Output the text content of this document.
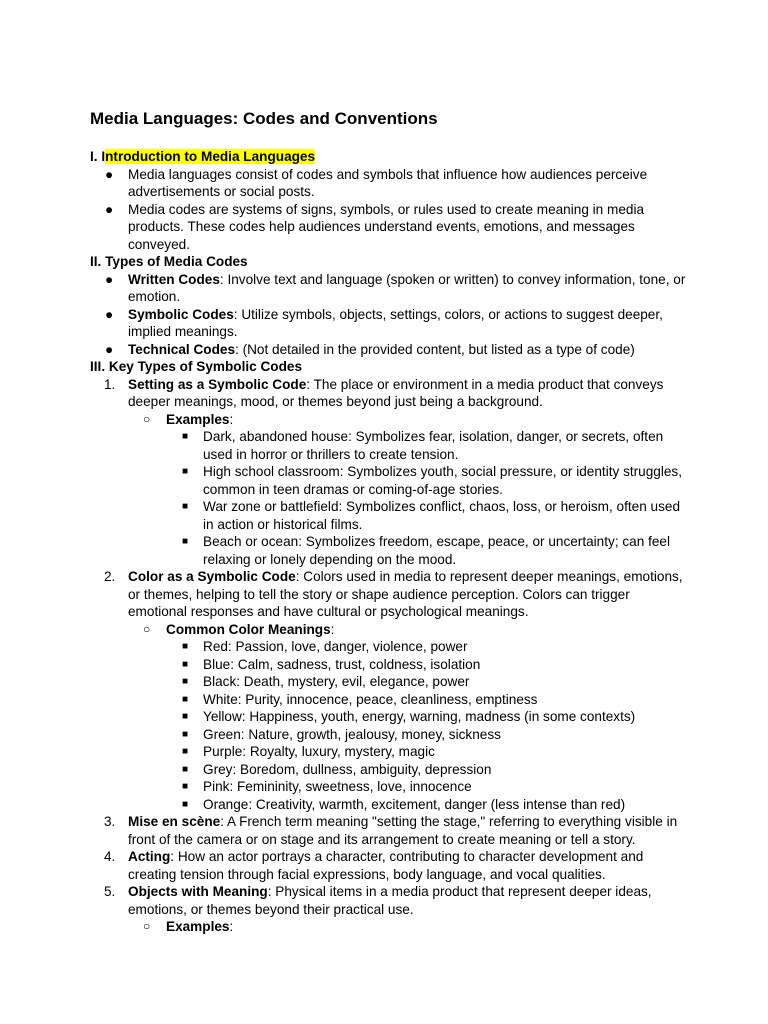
Media Languages: Codes and Conventions

I. Introduction to Media Languages

● Media languages consist of codes and symbols that influence how audiences perceive advertisements or social posts.
● Media codes are systems of signs, symbols, or rules used to create meaning in media products. These codes help audiences understand events, emotions, and messages conveyed.

II. Types of Media Codes

● Written Codes: Involve text and language (spoken or written) to convey information, tone, or emotion.
● Symbolic Codes: Utilize symbols, objects, settings, colors, or actions to suggest deeper, implied meanings.
● Technical Codes: (Not detailed in the provided content, but listed as a type of code)

III. Key Types of Symbolic Codes

1. Setting as a Symbolic Code: The place or environment in a media product that conveys deeper meanings, mood, or themes beyond just being a background.
○ Examples:
■ Dark, abandoned house: Symbolizes fear, isolation, danger, or secrets, often used in horror or thrillers to create tension.
■ High school classroom: Symbolizes youth, social pressure, or identity struggles, common in teen dramas or coming-of-age stories.
■ War zone or battlefield: Symbolizes conflict, chaos, loss, or heroism, often used in action or historical films.
■ Beach or ocean: Symbolizes freedom, escape, peace, or uncertainty; can feel relaxing or lonely depending on the mood.
2. Color as a Symbolic Code: Colors used in media to represent deeper meanings, emotions, or themes, helping to tell the story or shape audience perception. Colors can trigger emotional responses and have cultural or psychological meanings.
○ Common Color Meanings:
■ Red: Passion, love, danger, violence, power
■ Blue: Calm, sadness, trust, coldness, isolation
■ Black: Death, mystery, evil, elegance, power
■ White: Purity, innocence, peace, cleanliness, emptiness
■ Yellow: Happiness, youth, energy, warning, madness (in some contexts)
■ Green: Nature, growth, jealousy, money, sickness
■ Purple: Royalty, luxury, mystery, magic
■ Grey: Boredom, dullness, ambiguity, depression
■ Pink: Femininity, sweetness, love, innocence
■ Orange: Creativity, warmth, excitement, danger (less intense than red)
3. Mise en scène: A French term meaning "setting the stage," referring to everything visible in front of the camera or on stage and its arrangement to create meaning or tell a story.
4. Acting: How an actor portrays a character, contributing to character development and creating tension through facial expressions, body language, and vocal qualities.
5. Objects with Meaning: Physical items in a media product that represent deeper ideas, emotions, or themes beyond their practical use.
○ Examples:
